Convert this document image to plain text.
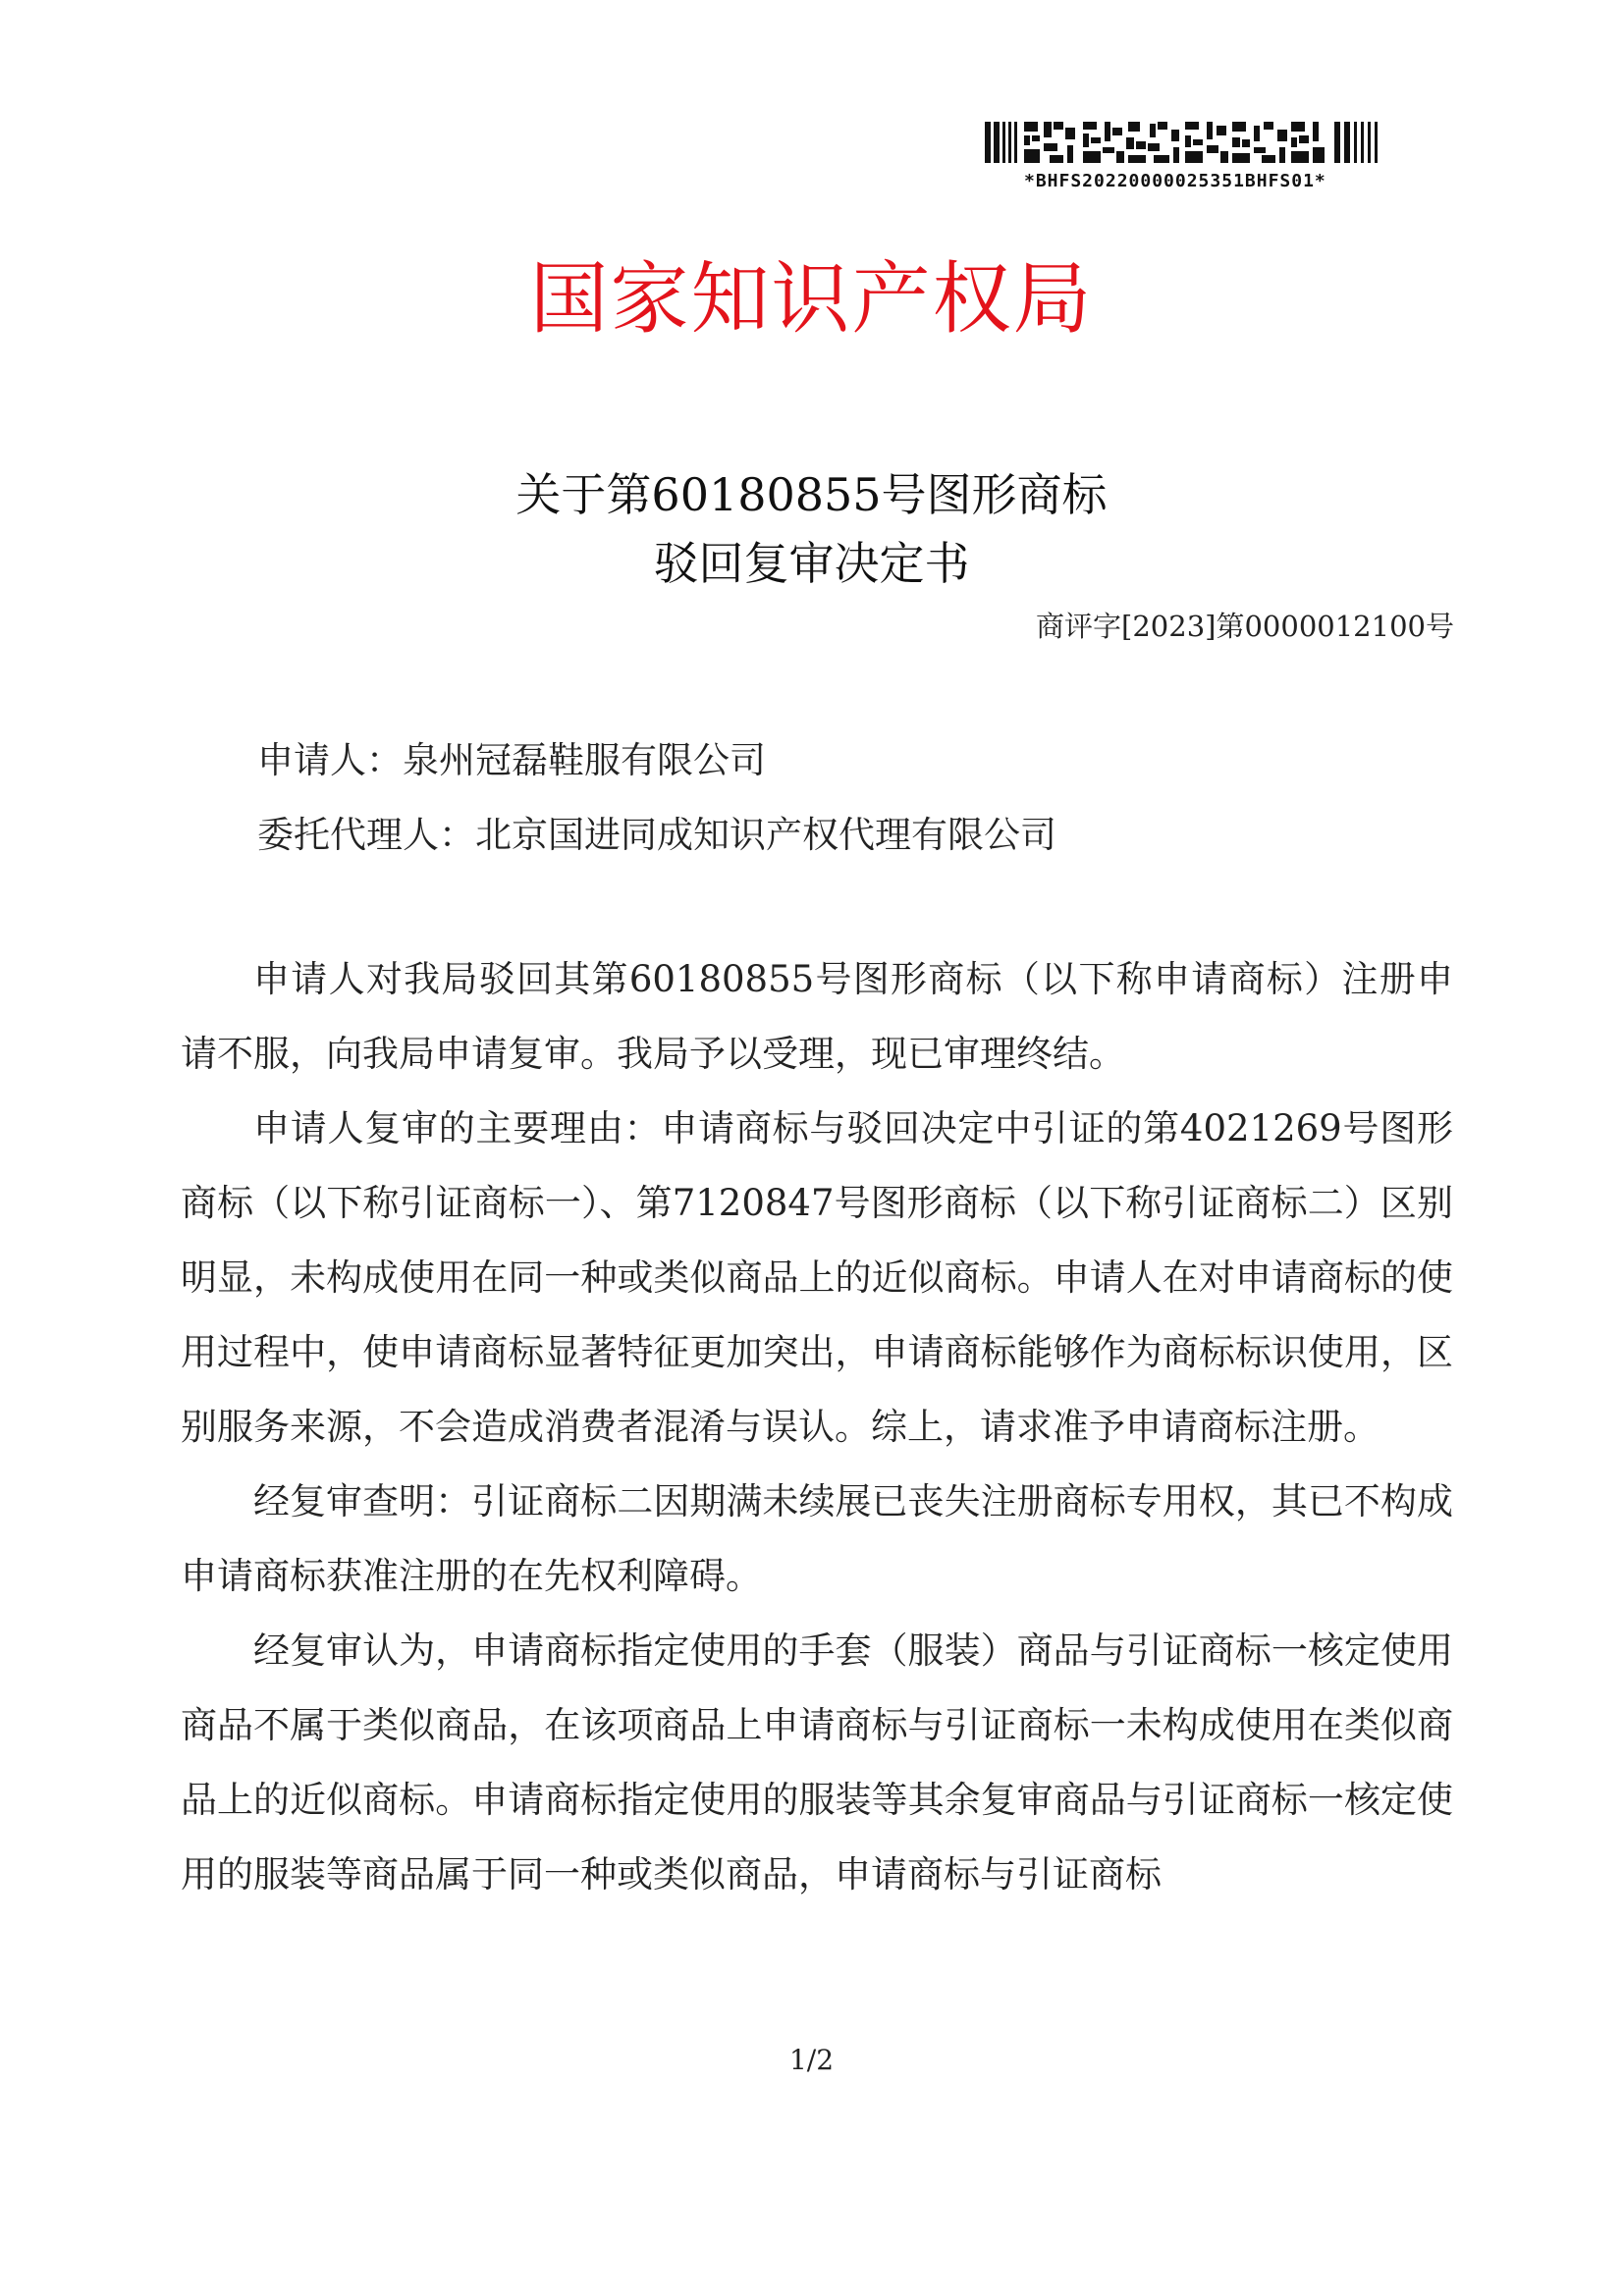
*BHFS20220000025351BHFS01*
国家知识产权局
关于第60180855号图形商标
驳回复审决定书
商评字[2023]第0000012100号
申请人：泉州冠磊鞋服有限公司
委托代理人：北京国进同成知识产权代理有限公司

申请人对我局驳回其第60180855号图形商标（以下称申请商标）注册申请不服，向我局申请复审。我局予以受理，现已审理终结。

申请人复审的主要理由：申请商标与驳回决定中引证的第4021269号图形商标（以下称引证商标一）、第7120847号图形商标（以下称引证商标二）区别明显，未构成使用在同一种或类似商品上的近似商标。申请人在对申请商标的使用过程中，使申请商标显著特征更加突出，申请商标能够作为商标标识使用，区别服务来源，不会造成消费者混淆与误认。综上，请求准予申请商标注册。

经复审查明：引证商标二因期满未续展已丧失注册商标专用权，其已不构成申请商标获准注册的在先权利障碍。

经复审认为，申请商标指定使用的手套（服装）商品与引证商标一核定使用商品不属于类似商品，在该项商品上申请商标与引证商标一未构成使用在类似商品上的近似商标。申请商标指定使用的服装等其余复审商品与引证商标一核定使用的服装等商品属于同一种或类似商品，申请商标与引证商标

1/2
